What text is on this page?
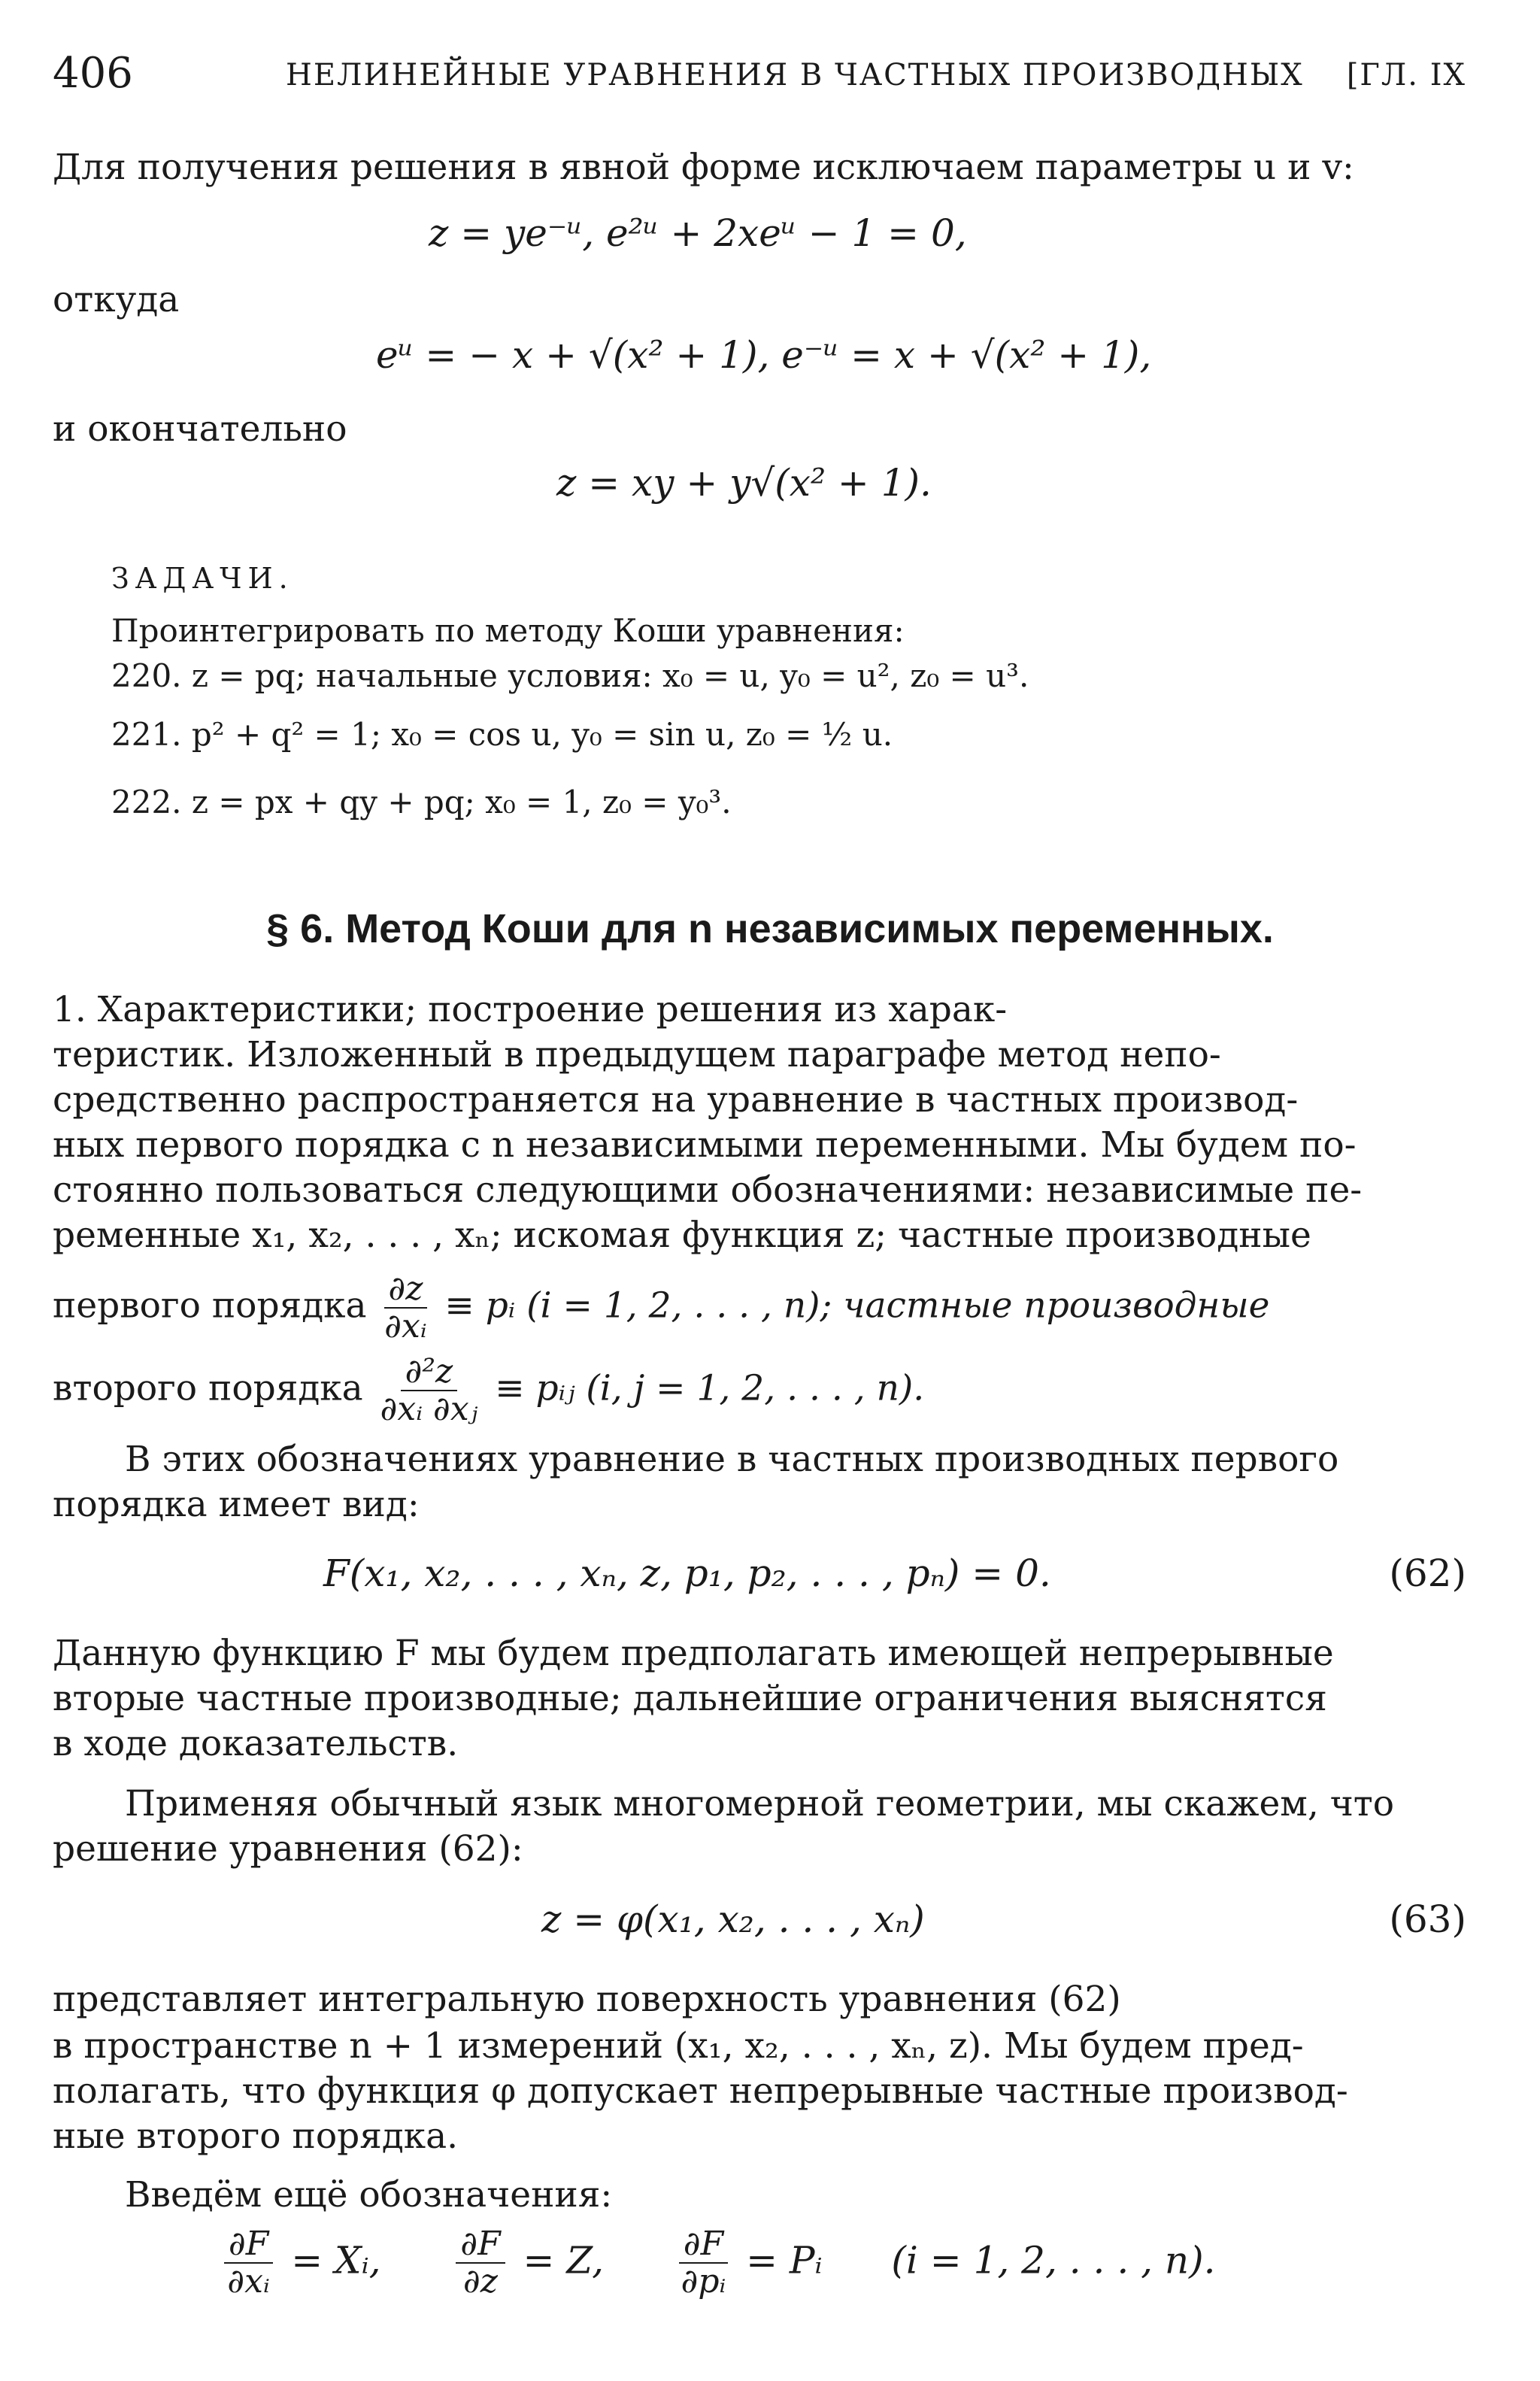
406	НЕЛИНЕЙНЫЕ УРАВНЕНИЯ В ЧАСТНЫХ ПРОИЗВОДНЫХ [ГЛ. IX
Для получения решения в явной форме исключаем параметры u и v:
z = ye⁻ᵘ, e²ᵘ + 2xeᵘ − 1 = 0,
откуда
eᵘ = − x + √(x² + 1), e⁻ᵘ = x + √(x² + 1),
и окончательно
z = xy + y√(x² + 1).
ЗАДАЧИ.
Проинтегрировать по методу Коши уравнения:
220. z = pq; начальные условия: x₀ = u, y₀ = u², z₀ = u³.
221. p² + q² = 1; x₀ = cos u, y₀ = sin u, z₀ = ½ u.
222. z = px + qy + pq; x₀ = 1, z₀ = y₀³.
§ 6. Метод Коши для n независимых переменных.
1. Характеристики; построение решения из харак-
теристик. Изложенный в предыдущем параграфе метод непо-
средственно распространяется на уравнение в частных производ-
ных первого порядка с n независимыми переменными. Мы будем по-
стоянно пользоваться следующими обозначениями: независимые пе-
ременные x₁, x₂, . . . , xₙ; искомая функция z; частные производные
первого порядка $\frac{\partial z}{\text{∂xᵢ}}$ ≡ pᵢ (i = 1, 2, . . . , n); частные производные
второго порядка $\frac{\text{∂²z}}{\text{∂xᵢ ∂xⱼ}}$ ≡ pᵢⱼ (i, j = 1, 2, . . . , n).
В этих обозначениях уравнение в частных производных первого
порядка имеет вид:
F(x₁, x₂, . . . , xₙ, z, p₁, p₂, . . . , pₙ) = 0.	(62)
Данную функцию F мы будем предполагать имеющей непрерывные
вторые частные производные; дальнейшие ограничения выяснятся
в ходе доказательств.
Применяя обычный язык многомерной геометрии, мы скажем, что
решение уравнения (62):
z = φ(x₁, x₂, . . . , xₙ)	(63)
представляет интегральную поверхность уравнения (62)
в пространстве n + 1 измерений (x₁, x₂, . . . , xₙ, z). Мы будем пред-
полагать, что функция φ допускает непрерывные частные производ-
ные второго порядка.
Введём ещё обозначения:
$\frac{\partial F}{\text{∂xᵢ}}$ = Xᵢ, $\frac{\partial F}{\partial z} = Z$, $\frac{\partial F}{\text{∂pᵢ}}$ = Pᵢ (i = 1, 2, . . . , n).
